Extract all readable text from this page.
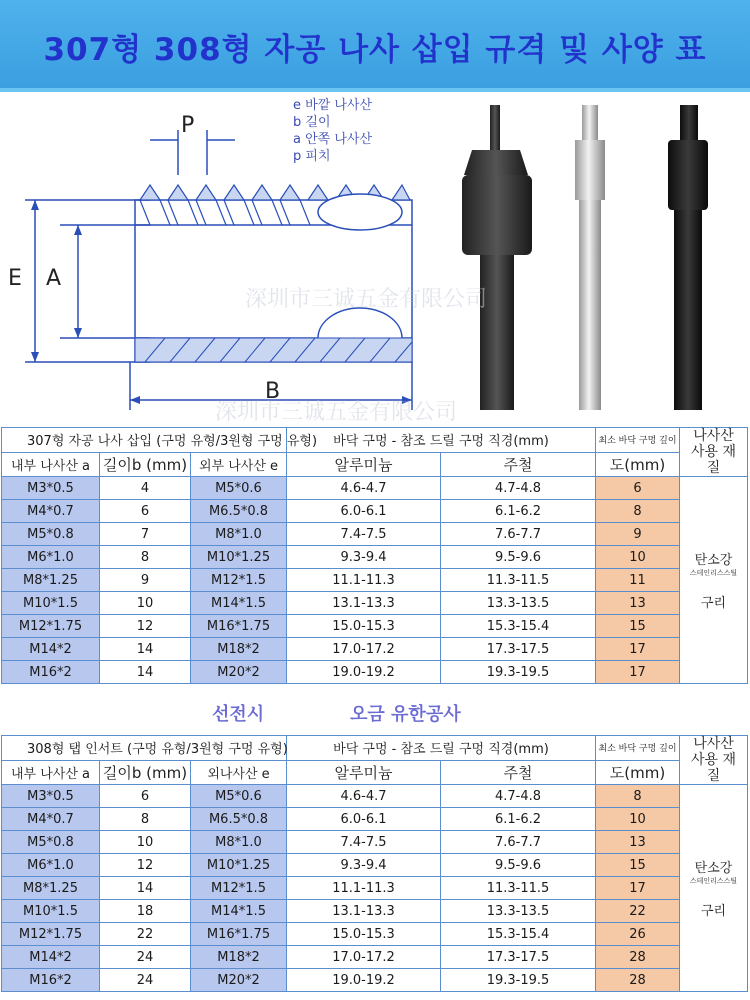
307형 308형 자공 나사 삽입 규격 및 사양 표
P
E A
B
e 바깥 나사산
b 길이
a 안쪽 나사산
p 피치
深圳市三诚五金有限公司
深圳市三诚五金有限公司
307형 자공 나사 삽입 (구멍 유형/3원형 구멍 유형)			바닥 구멍 - 참조 드릴 구멍 직경(mm)		최소 바닥 구멍 깊이	나사산 사용 재질

내부 나사산 a	길이b (mm)	외부 나사산 e	알루미늄	주철	도(mm)	
M3*0.5	4	M5*0.6	4.6-4.7	4.7-4.8	6	탄소강
스테인리스스틸
구리

M4*0.7	6	M6.5*0.8	6.0-6.1	6.1-6.2	8	
M5*0.8	7	M8*1.0	7.4-7.5	7.6-7.7	9	
M6*1.0	8	M10*1.25	9.3-9.4	9.5-9.6	10	
M8*1.25	9	M12*1.5	11.1-11.3	11.3-11.5	11	
M10*1.5	10	M14*1.5	13.1-13.3	13.3-13.5	13	
M12*1.75	12	M16*1.75	15.0-15.3	15.3-15.4	15	
M14*2	14	M18*2	17.0-17.2	17.3-17.5	17	
M16*2	14	M20*2	19.0-19.2	19.3-19.5	17	
선전시	오금 유한공사
308형 탭 인서트 (구멍 유형/3원형 구멍 유형)			바닥 구멍 - 참조 드릴 구멍 직경(mm)		최소 바닥 구멍 깊이	나사산 사용 재질

내부 나사산 a	길이b (mm)	외나사산 e	알루미늄	주철	도(mm)	
M3*0.5	6	M5*0.6	4.6-4.7	4.7-4.8	8	탄소강
스테인리스스틸
구리

M4*0.7	8	M6.5*0.8	6.0-6.1	6.1-6.2	10	
M5*0.8	10	M8*1.0	7.4-7.5	7.6-7.7	13	
M6*1.0	12	M10*1.25	9.3-9.4	9.5-9.6	15	
M8*1.25	14	M12*1.5	11.1-11.3	11.3-11.5	17	
M10*1.5	18	M14*1.5	13.1-13.3	13.3-13.5	22	
M12*1.75	22	M16*1.75	15.0-15.3	15.3-15.4	26	
M14*2	24	M18*2	17.0-17.2	17.3-17.5	28	
M16*2	24	M20*2	19.0-19.2	19.3-19.5	28	
